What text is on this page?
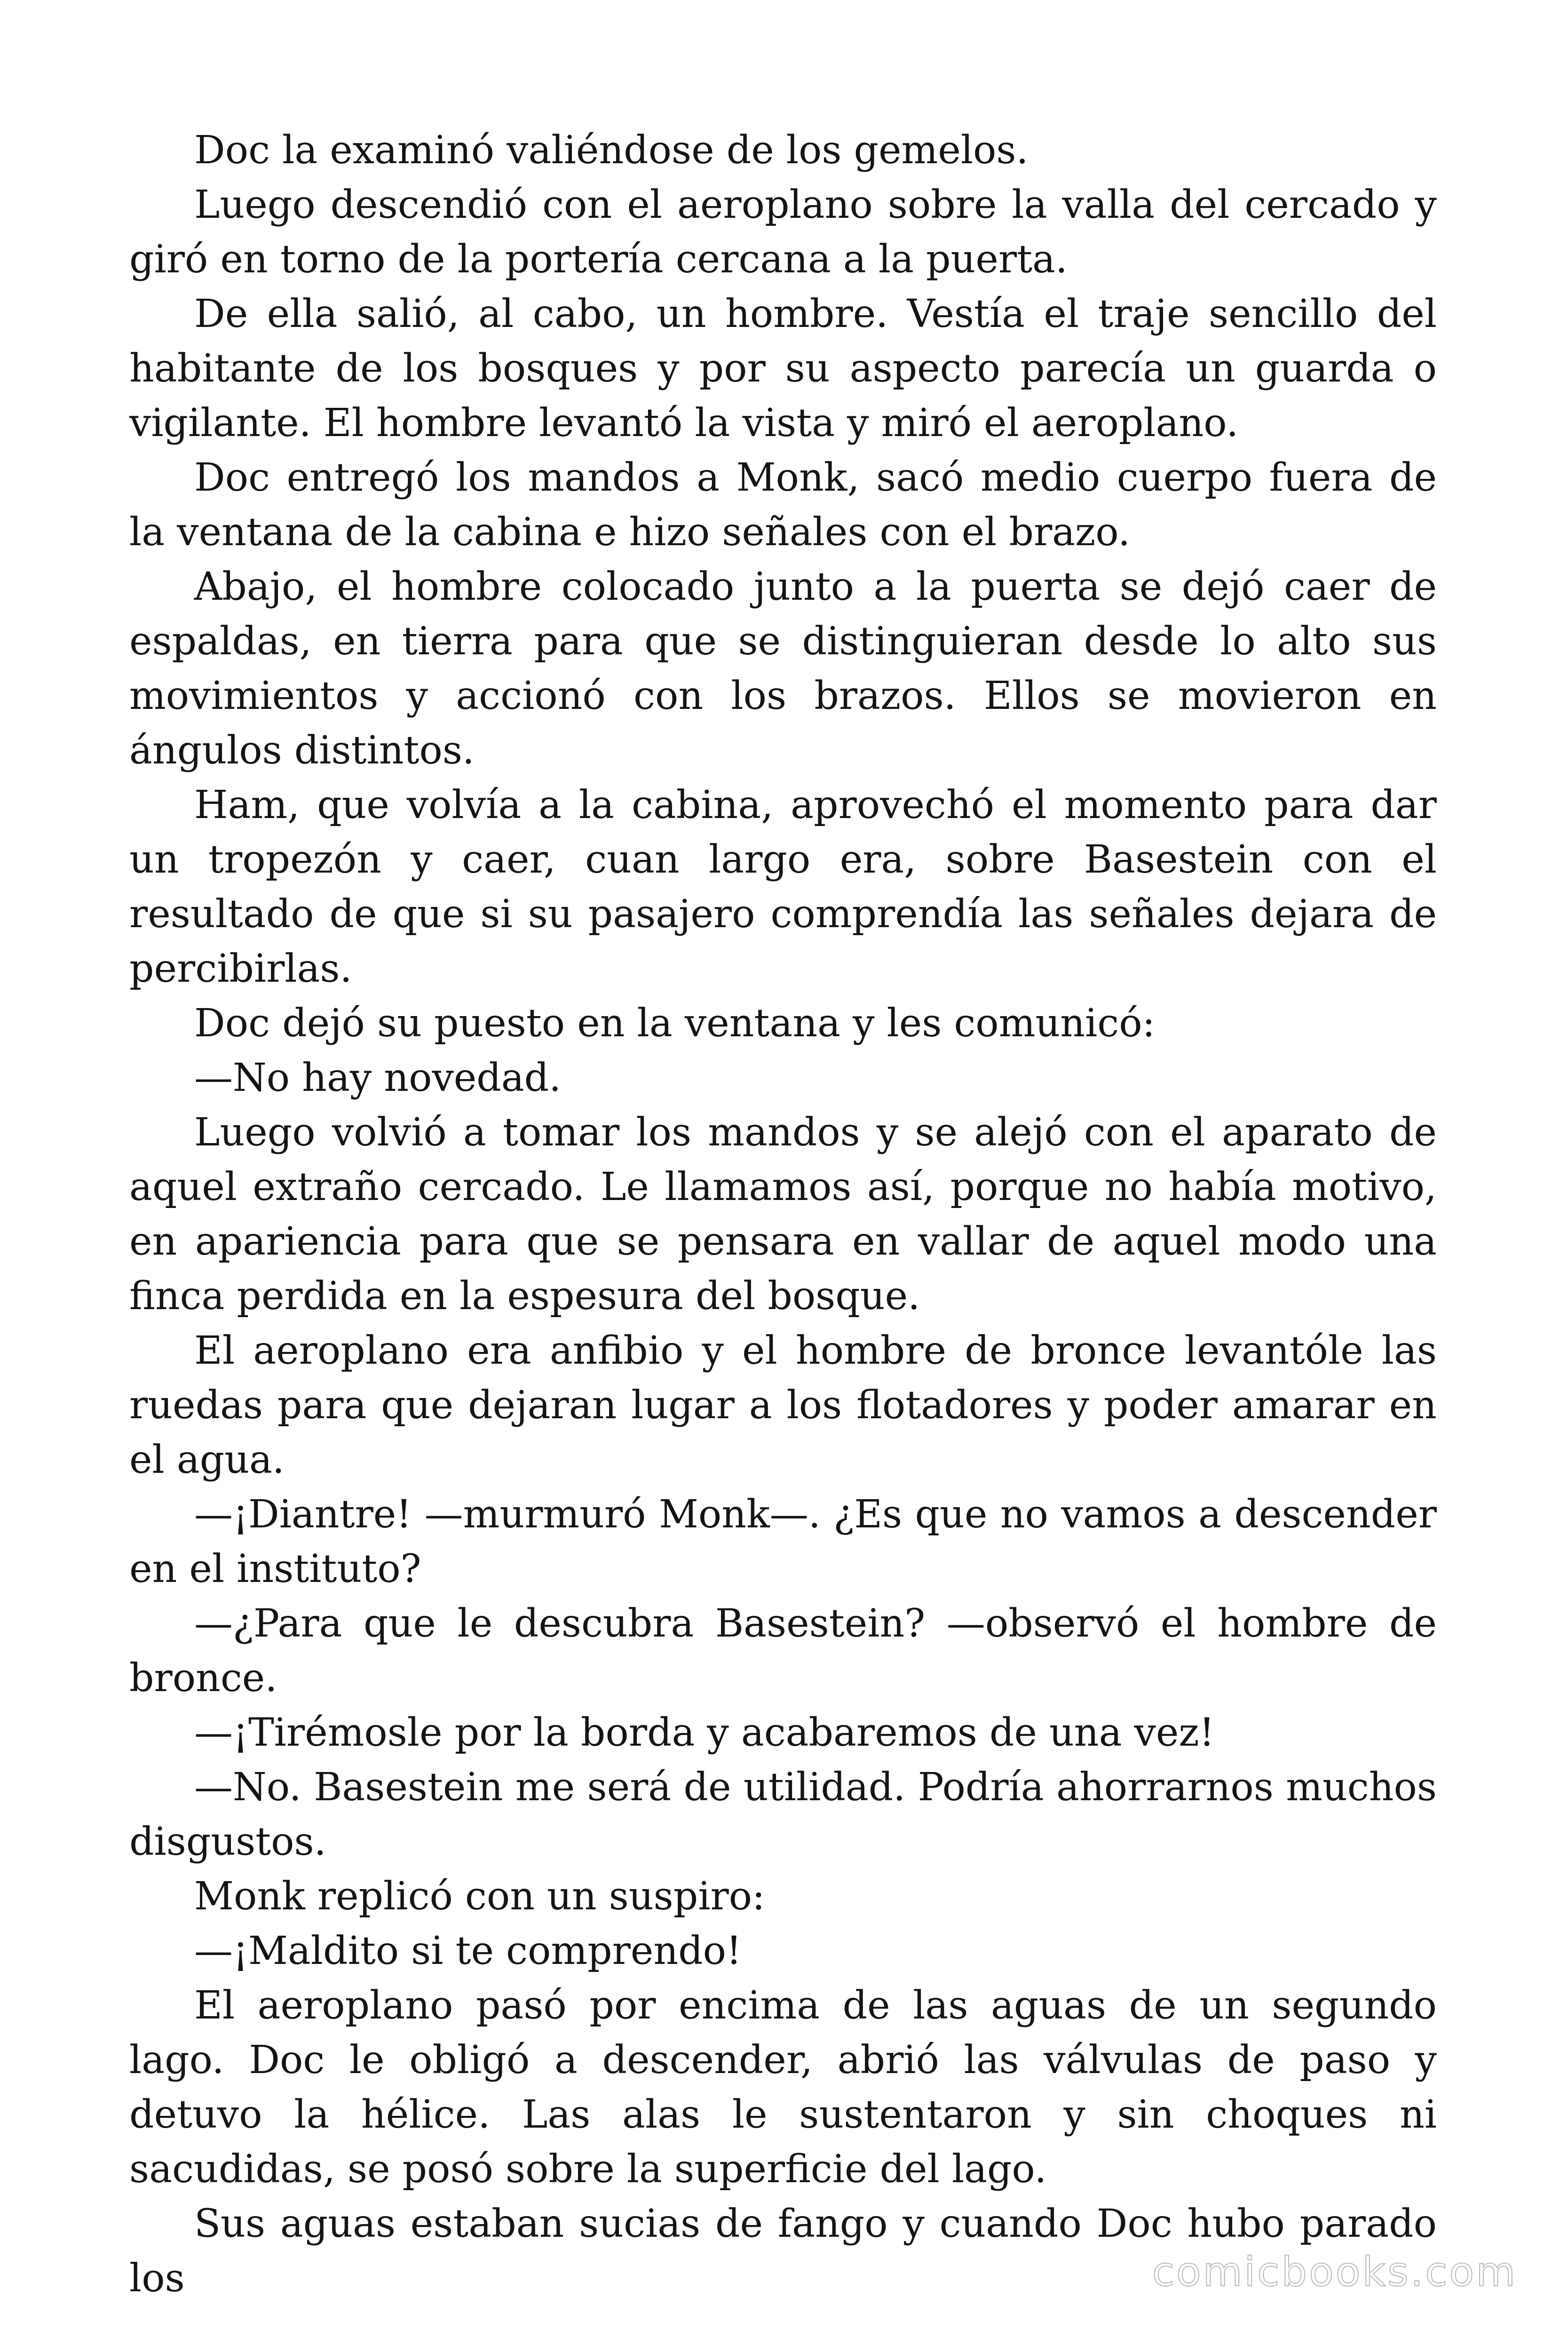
Doc la examinó valiéndose de los gemelos.

Luego descendió con el aeroplano sobre la valla del cercado y giró en torno de la portería cercana a la puerta.

De ella salió, al cabo, un hombre. Vestía el traje sencillo del habitante de los bosques y por su aspecto parecía un guarda o vigilante. El hombre levantó la vista y miró el aeroplano.

Doc entregó los mandos a Monk, sacó medio cuerpo fuera de la ventana de la cabina e hizo señales con el brazo.

Abajo, el hombre colocado junto a la puerta se dejó caer de espaldas, en tierra para que se distinguieran desde lo alto sus movimientos y accionó con los brazos. Ellos se movieron en ángulos distintos.

Ham, que volvía a la cabina, aprovechó el momento para dar un tropezón y caer, cuan largo era, sobre Basestein con el resultado de que si su pasajero comprendía las señales dejara de percibirlas.

Doc dejó su puesto en la ventana y les comunicó:

—No hay novedad.

Luego volvió a tomar los mandos y se alejó con el aparato de aquel extraño cercado. Le llamamos así, porque no había motivo, en apariencia para que se pensara en vallar de aquel modo una finca perdida en la espesura del bosque.

El aeroplano era anfibio y el hombre de bronce levantóle las ruedas para que dejaran lugar a los flotadores y poder amarar en el agua.

—¡Diantre! —murmuró Monk—. ¿Es que no vamos a descender en el instituto?

—¿Para que le descubra Basestein? —observó el hombre de bronce.

—¡Tirémosle por la borda y acabaremos de una vez!

—No. Basestein me será de utilidad. Podría ahorrarnos muchos disgustos.

Monk replicó con un suspiro:

—¡Maldito si te comprendo!

El aeroplano pasó por encima de las aguas de un segundo lago. Doc le obligó a descender, abrió las válvulas de paso y detuvo la hélice. Las alas le sustentaron y sin choques ni sacudidas, se posó sobre la superficie del lago.

Sus aguas estaban sucias de fango y cuando Doc hubo parado los	comicbooks.com
